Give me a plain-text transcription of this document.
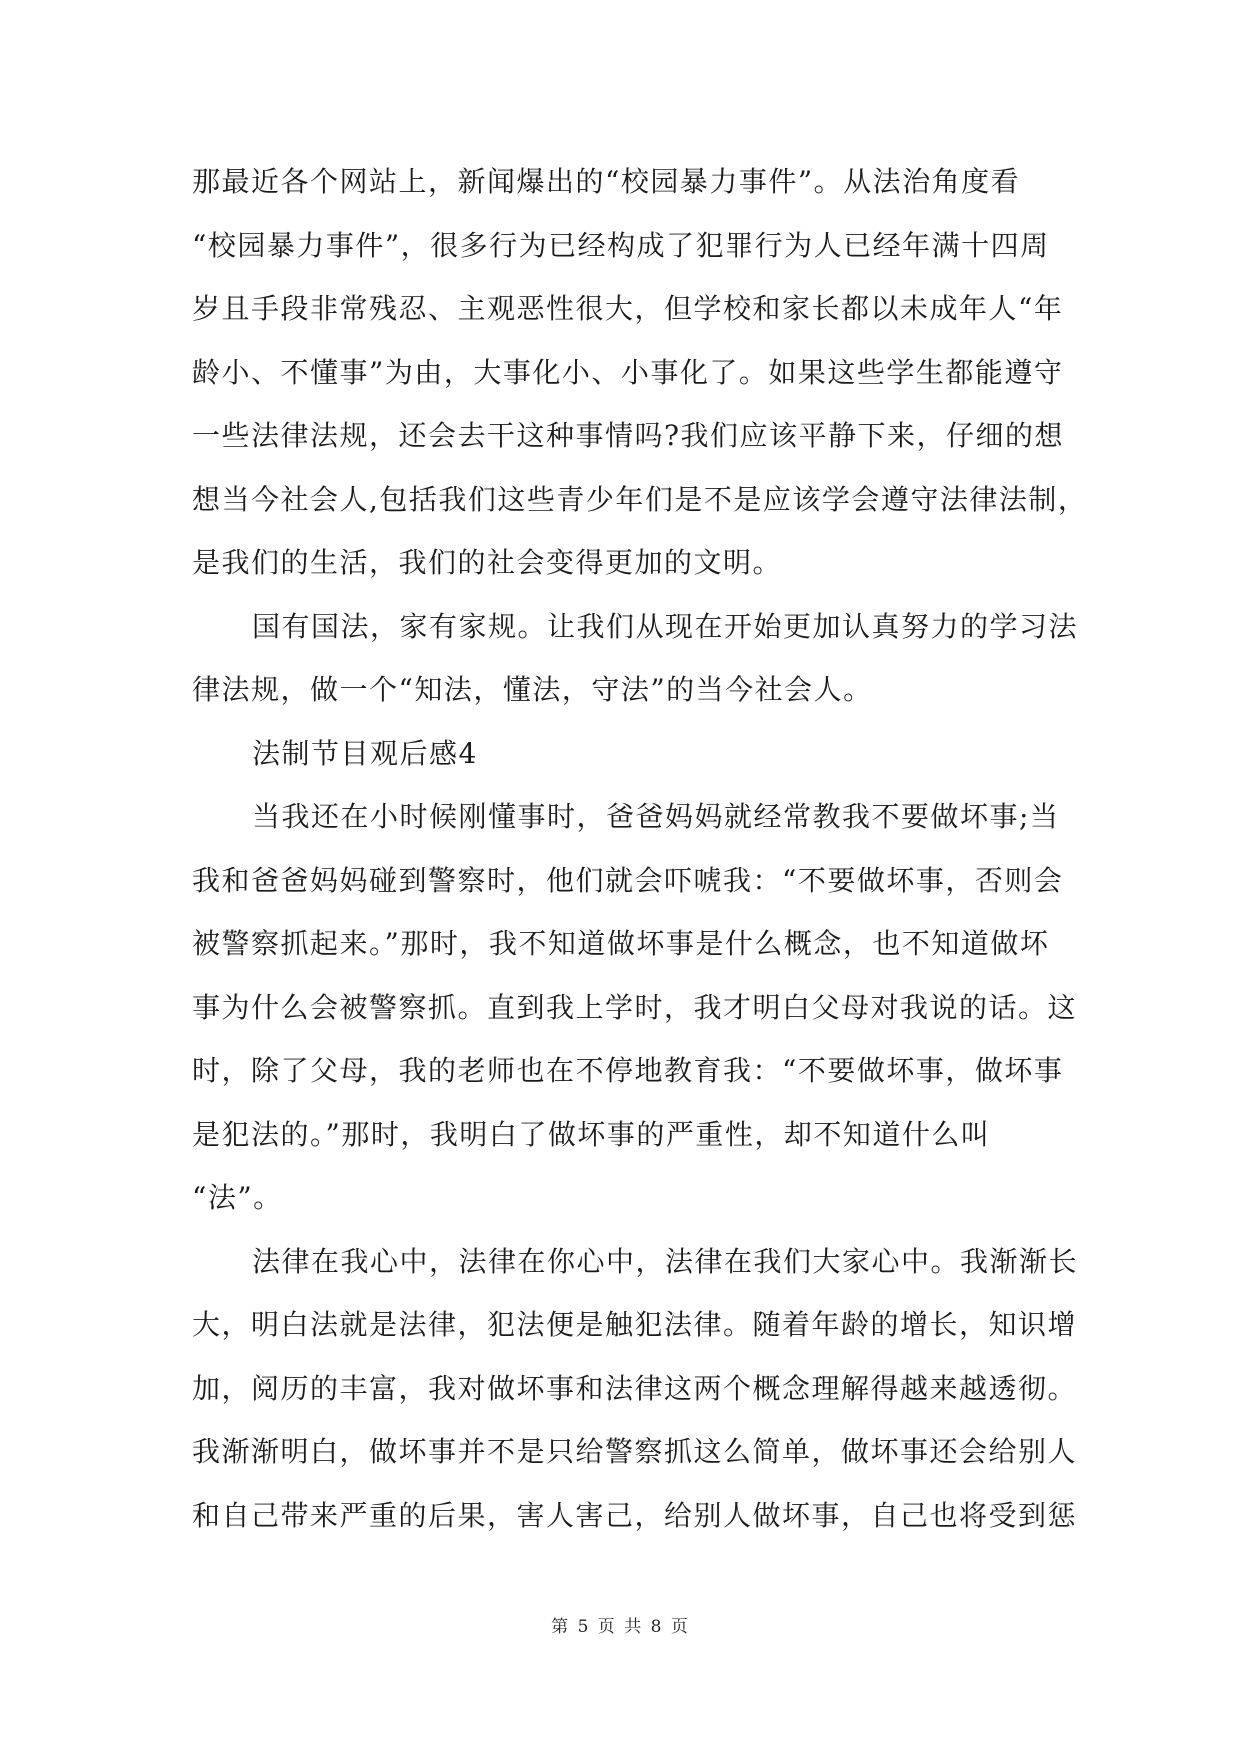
那最近各个网站上，新闻爆出的“校园暴力事件”。从法治角度看
“校园暴力事件”，很多行为已经构成了犯罪行为人已经年满十四周
岁且手段非常残忍、主观恶性很大，但学校和家长都以未成年人“年
龄小、不懂事”为由，大事化小、小事化了。如果这些学生都能遵守
一些法律法规，还会去干这种事情吗?我们应该平静下来，仔细的想
想当今社会人,包括我们这些青少年们是不是应该学会遵守法律法制，
是我们的生活，我们的社会变得更加的文明。
国有国法，家有家规。让我们从现在开始更加认真努力的学习法
律法规，做一个“知法，懂法，守法”的当今社会人。
法制节目观后感4
当我还在小时候刚懂事时，爸爸妈妈就经常教我不要做坏事;当
我和爸爸妈妈碰到警察时，他们就会吓唬我：“不要做坏事，否则会
被警察抓起来。”那时，我不知道做坏事是什么概念，也不知道做坏
事为什么会被警察抓。直到我上学时，我才明白父母对我说的话。这
时，除了父母，我的老师也在不停地教育我：“不要做坏事，做坏事
是犯法的。”那时，我明白了做坏事的严重性，却不知道什么叫
“法”。
法律在我心中，法律在你心中，法律在我们大家心中。我渐渐长
大，明白法就是法律，犯法便是触犯法律。随着年龄的增长，知识增
加，阅历的丰富，我对做坏事和法律这两个概念理解得越来越透彻。
我渐渐明白，做坏事并不是只给警察抓这么简单，做坏事还会给别人
和自己带来严重的后果，害人害己，给别人做坏事，自己也将受到惩
第 5 页 共 8 页
